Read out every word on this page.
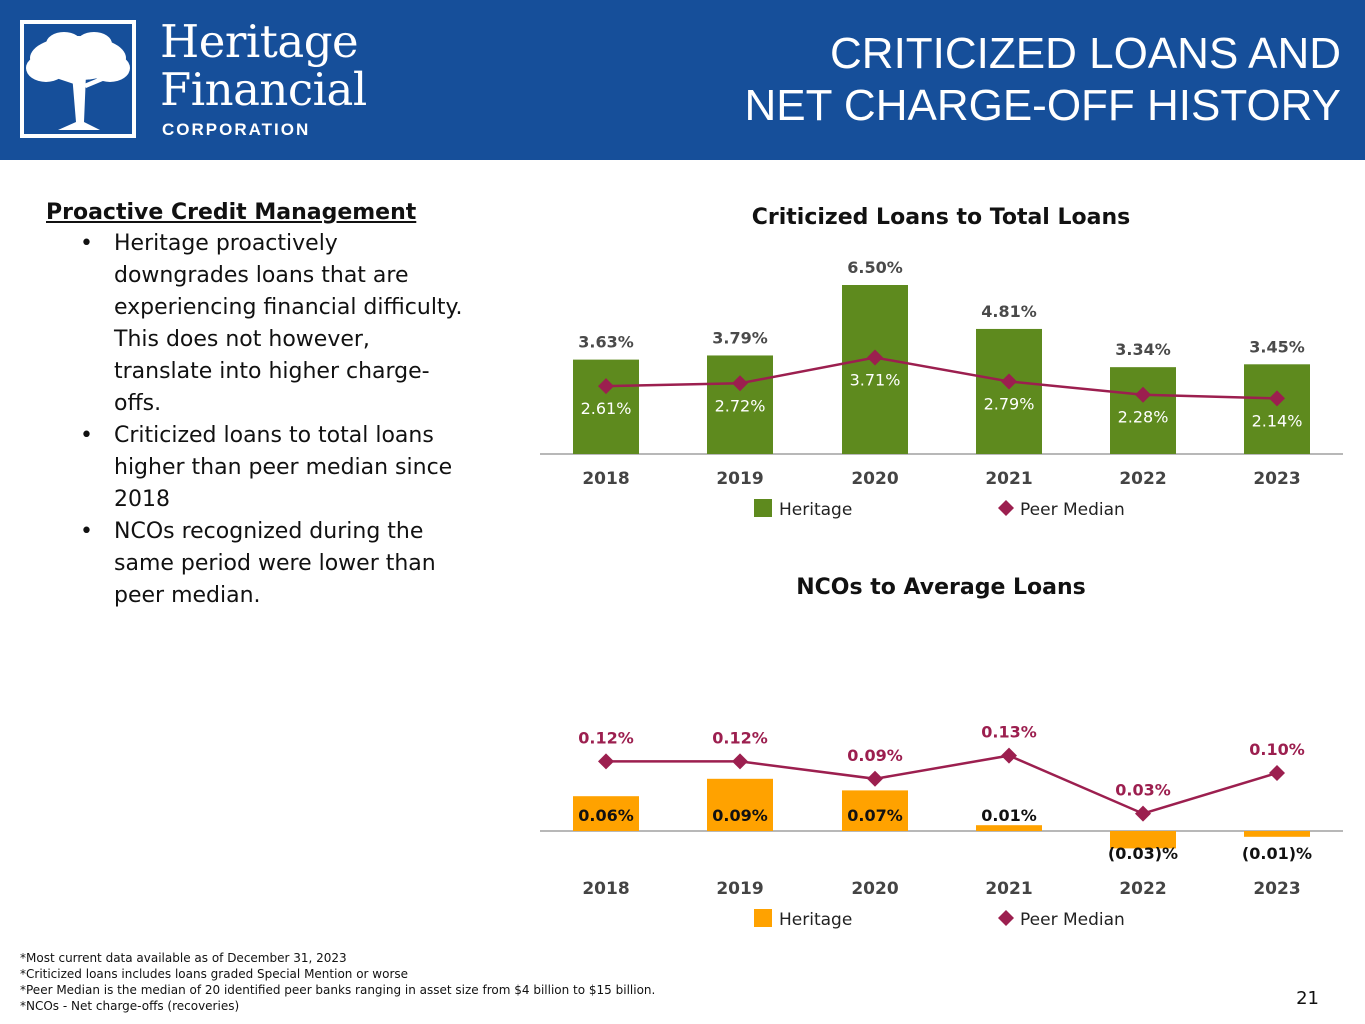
Heritage
Financial
CORPORATION
CRITICIZED LOANS AND
NET CHARGE-OFF HISTORY
Proactive Credit Management
• Heritage proactively
downgrades loans that are
experiencing financial difficulty.
This does not however,
translate into higher charge-
offs.
• Criticized loans to total loans
higher than peer median since
2018
• NCOs recognized during the
same period were lower than
peer median.
Criticized Loans to Total Loans
3.63%	3.79%
6.50%
4.81%
3.34%	3.45%
2.61%	2.72%
3.71%
2.79%
2.28%	2.14%
2018	2019	2020	2021	2022	2023
Heritage	Peer Median
NCOs to Average Loans
0.06%	0.09%	0.07%	0.01%
(0.03)%	(0.01)%
0.12%	0.12%
0.09%
0.13%
0.03%
0.10%
2018	2019	2020	2021	2022	2023
Heritage	Peer Median
*Most current data available as of December 31, 2023
*Criticized loans includes loans graded Special Mention or worse
*Peer Median is the median of 20 identified peer banks ranging in asset size from $4 billion to $15 billion.
*NCOs - Net charge-offs (recoveries)	21
